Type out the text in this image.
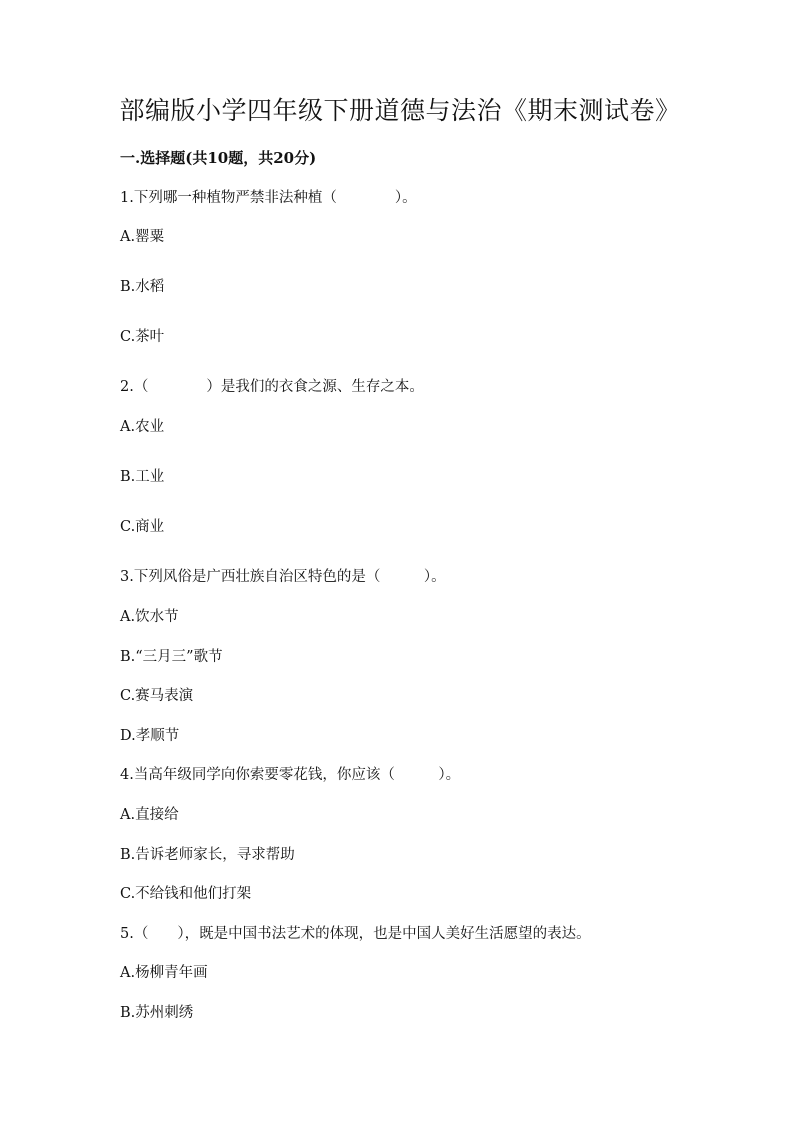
部编版小学四年级下册道德与法治《期末测试卷》
一.选择题(共10题，共20分)
1.下列哪一种植物严禁非法种植（　　　　）。
A.罂粟
B.水稻
C.茶叶
2.（　　　　）是我们的衣食之源、生存之本。
A.农业
B.工业
C.商业
3.下列风俗是广西壮族自治区特色的是（　　　）。
A.饮水节
B.“三月三”歌节
C.赛马表演
D.孝顺节
4.当高年级同学向你索要零花钱，你应该（　　　）。
A.直接给
B.告诉老师家长，寻求帮助
C.不给钱和他们打架
5.（　　），既是中国书法艺术的体现，也是中国人美好生活愿望的表达。
A.杨柳青年画
B.苏州刺绣
